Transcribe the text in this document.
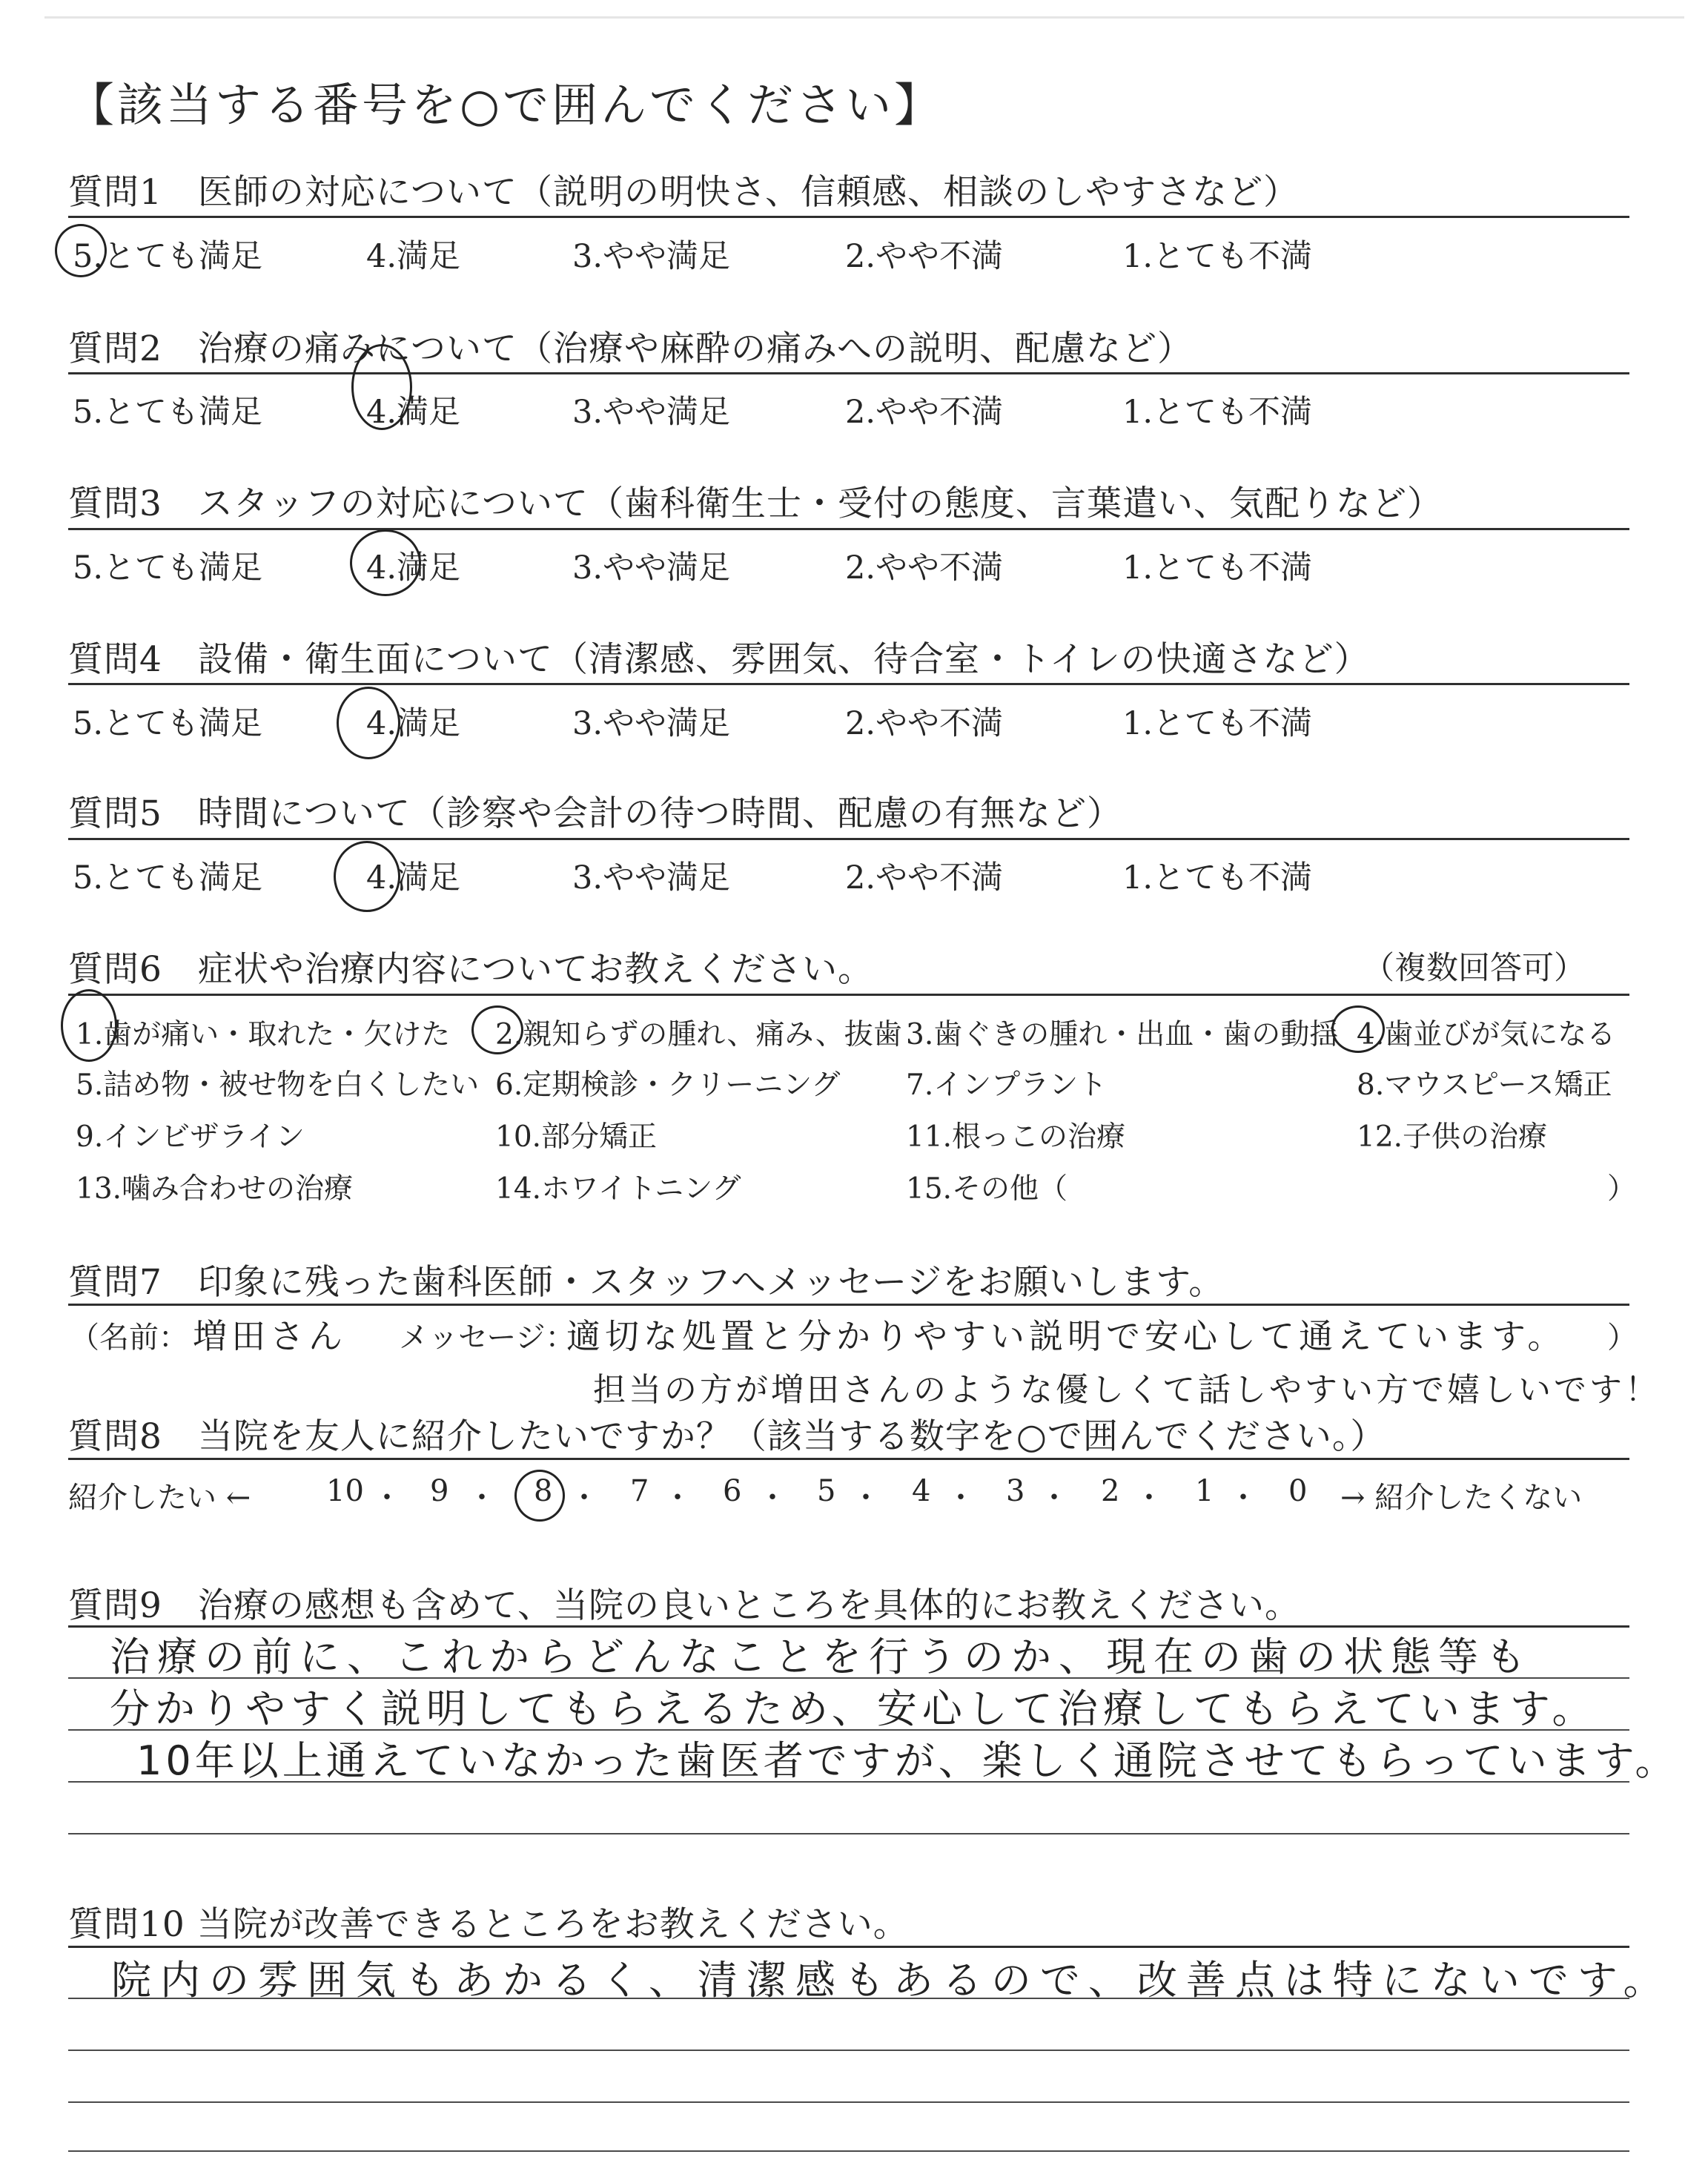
【該当する番号を○で囲んでください】
質問1　医師の対応について（説明の明快さ、信頼感、相談のしやすさなど）
5.とても満足	4.満足	3.やや満足	2.やや不満	1.とても不満
質問2　治療の痛みについて（治療や麻酔の痛みへの説明、配慮など）
5.とても満足	4.満足	3.やや満足	2.やや不満	1.とても不満
質問3　スタッフの対応について（歯科衛生士・受付の態度、言葉遣い、気配りなど）
5.とても満足	4.満足	3.やや満足	2.やや不満	1.とても不満
質問4　設備・衛生面について（清潔感、雰囲気、待合室・トイレの快適さなど）
5.とても満足	4.満足	3.やや満足	2.やや不満	1.とても不満
質問5　時間について（診察や会計の待つ時間、配慮の有無など）
5.とても満足	4.満足	3.やや満足	2.やや不満	1.とても不満
質問6　症状や治療内容についてお教えください。	（複数回答可）
1.歯が痛い・取れた・欠けた 2.親知らずの腫れ、痛み、抜歯 3.歯ぐきの腫れ・出血・歯の動揺 4.歯並びが気になる
5.詰め物・被せ物を白くしたい 6.定期検診・クリーニング 7.インプラント	8.マウスピース矯正
9.インビザライン	10.部分矯正	11.根っこの治療	12.子供の治療
13.噛み合わせの治療	14.ホワイトニング	15.その他（	）
質問7　印象に残った歯科医師・スタッフへメッセージをお願いします。
（名前： 増田さん メッセージ：
適切な処置と分かりやすい説明で安心して通えています。
担当の方が増田さんのような優しくて話しやすい方で嬉しいです！
）
質問8　当院を友人に紹介したいですか？（該当する数字を○で囲んでください。）
10 9	8	7 6	5	4	3	2	1	0
・ ・ ・ ・ ・ ・ ・ ・ ・ ・
紹介したい ←	→ 紹介したくない
質問9　治療の感想も含めて、当院の良いところを具体的にお教えください。
治療の前に、これからどんなことを行うのか、現在の歯の状態等も
分かりやすく説明してもらえるため、安心して治療してもらえています。
10年以上通えていなかった歯医者ですが、楽しく通院させてもらっています。
質問10 当院が改善できるところをお教えください。
院内の雰囲気もあかるく、清潔感もあるので、改善点は特にないです。
